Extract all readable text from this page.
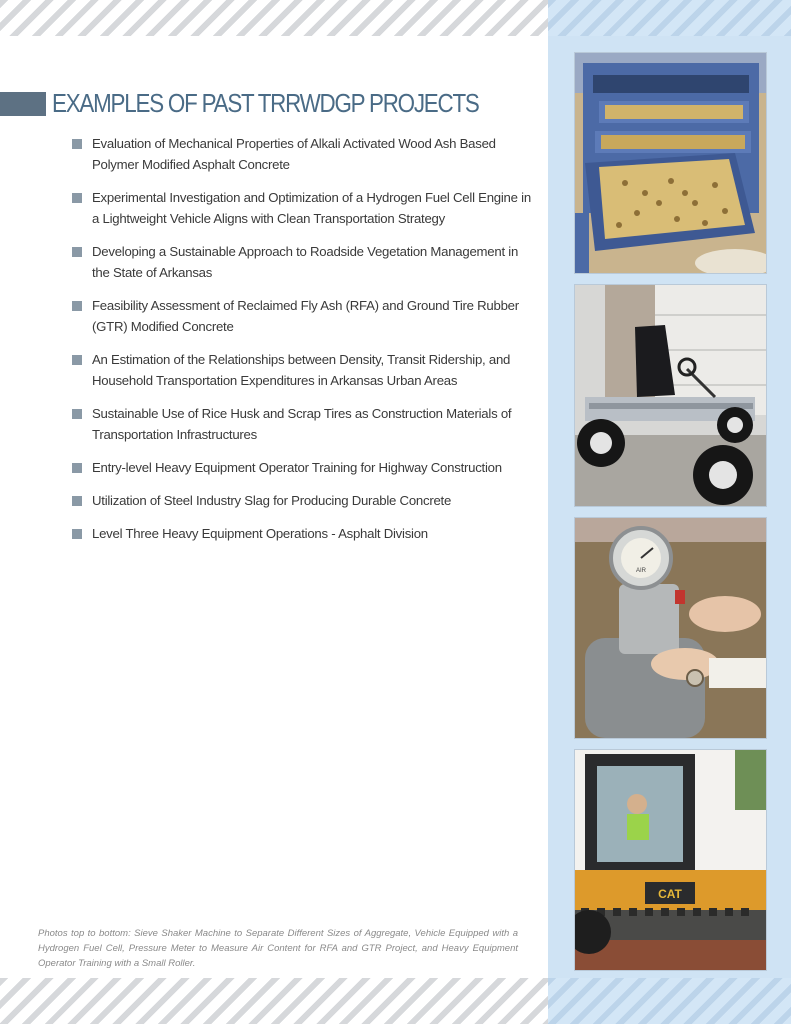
EXAMPLES OF PAST TRRWDGP PROJECTS
Evaluation of Mechanical Properties of Alkali Activated Wood Ash Based Polymer Modified Asphalt Concrete
Experimental Investigation and Optimization of a Hydrogen Fuel Cell Engine in a Lightweight Vehicle Aligns with Clean Transportation Strategy
Developing a Sustainable Approach to Roadside Vegetation Management in the State of Arkansas
Feasibility Assessment of Reclaimed Fly Ash (RFA) and Ground Tire Rubber (GTR) Modified Concrete
An Estimation of the Relationships between Density, Transit Ridership, and Household Transportation Expenditures in Arkansas Urban Areas
Sustainable Use of Rice Husk and Scrap Tires as Construction Materials of Transportation Infrastructures
Entry-level Heavy Equipment Operator Training for Highway Construction
Utilization of Steel Industry Slag for Producing Durable Concrete
Level Three Heavy Equipment Operations - Asphalt Division

Photos top to bottom: Sieve Shaker Machine to Separate Different Sizes of Aggregate, Vehicle Equipped with a Hydrogen Fuel Cell, Pressure Meter to Measure Air Content for RFA and GTR Project, and Heavy Equipment Operator Training with a Small Roller.

AIR
CAT
